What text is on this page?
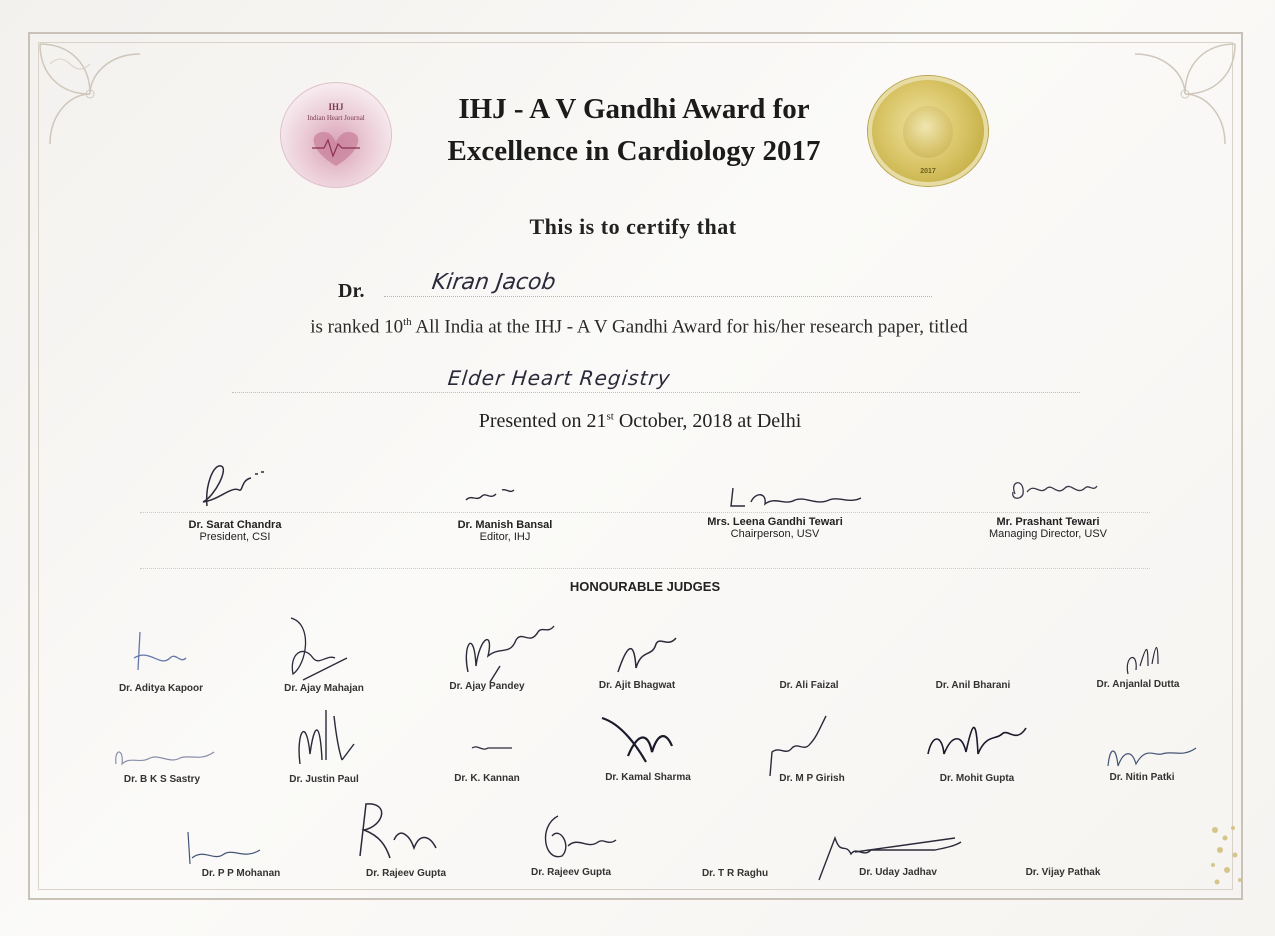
IHJ
Indian Heart Journal
2017
IHJ - A V Gandhi Award for
Excellence in Cardiology 2017
This is to certify that
Dr.	Kiran Jacob
is ranked 10th All India at the IHJ - A V Gandhi Award for his/her research paper, titled
Elder Heart Registry
Presented on 21st October, 2018 at Delhi
Dr. Sarat Chandra
President, CSI
Dr. Manish Bansal
Editor, IHJ
Mrs. Leena Gandhi Tewari
Chairperson, USV
Mr. Prashant Tewari
Managing Director, USV
HONOURABLE JUDGES
Dr. Aditya Kapoor	Dr. Ajay Mahajan	Dr. Ajay Pandey	Dr. Ajit Bhagwat	Dr. Ali Faizal	Dr. Anil Bharani	Dr. Anjanlal Dutta
Dr. B K S Sastry	Dr. Justin Paul	Dr. K. Kannan	Dr. Kamal Sharma	Dr. M P Girish	Dr. Mohit Gupta	Dr. Nitin Patki
Dr. P P Mohanan	Dr. Rajeev Gupta	Dr. Rajeev Gupta	Dr. T R Raghu	Dr. Uday Jadhav	Dr. Vijay Pathak
